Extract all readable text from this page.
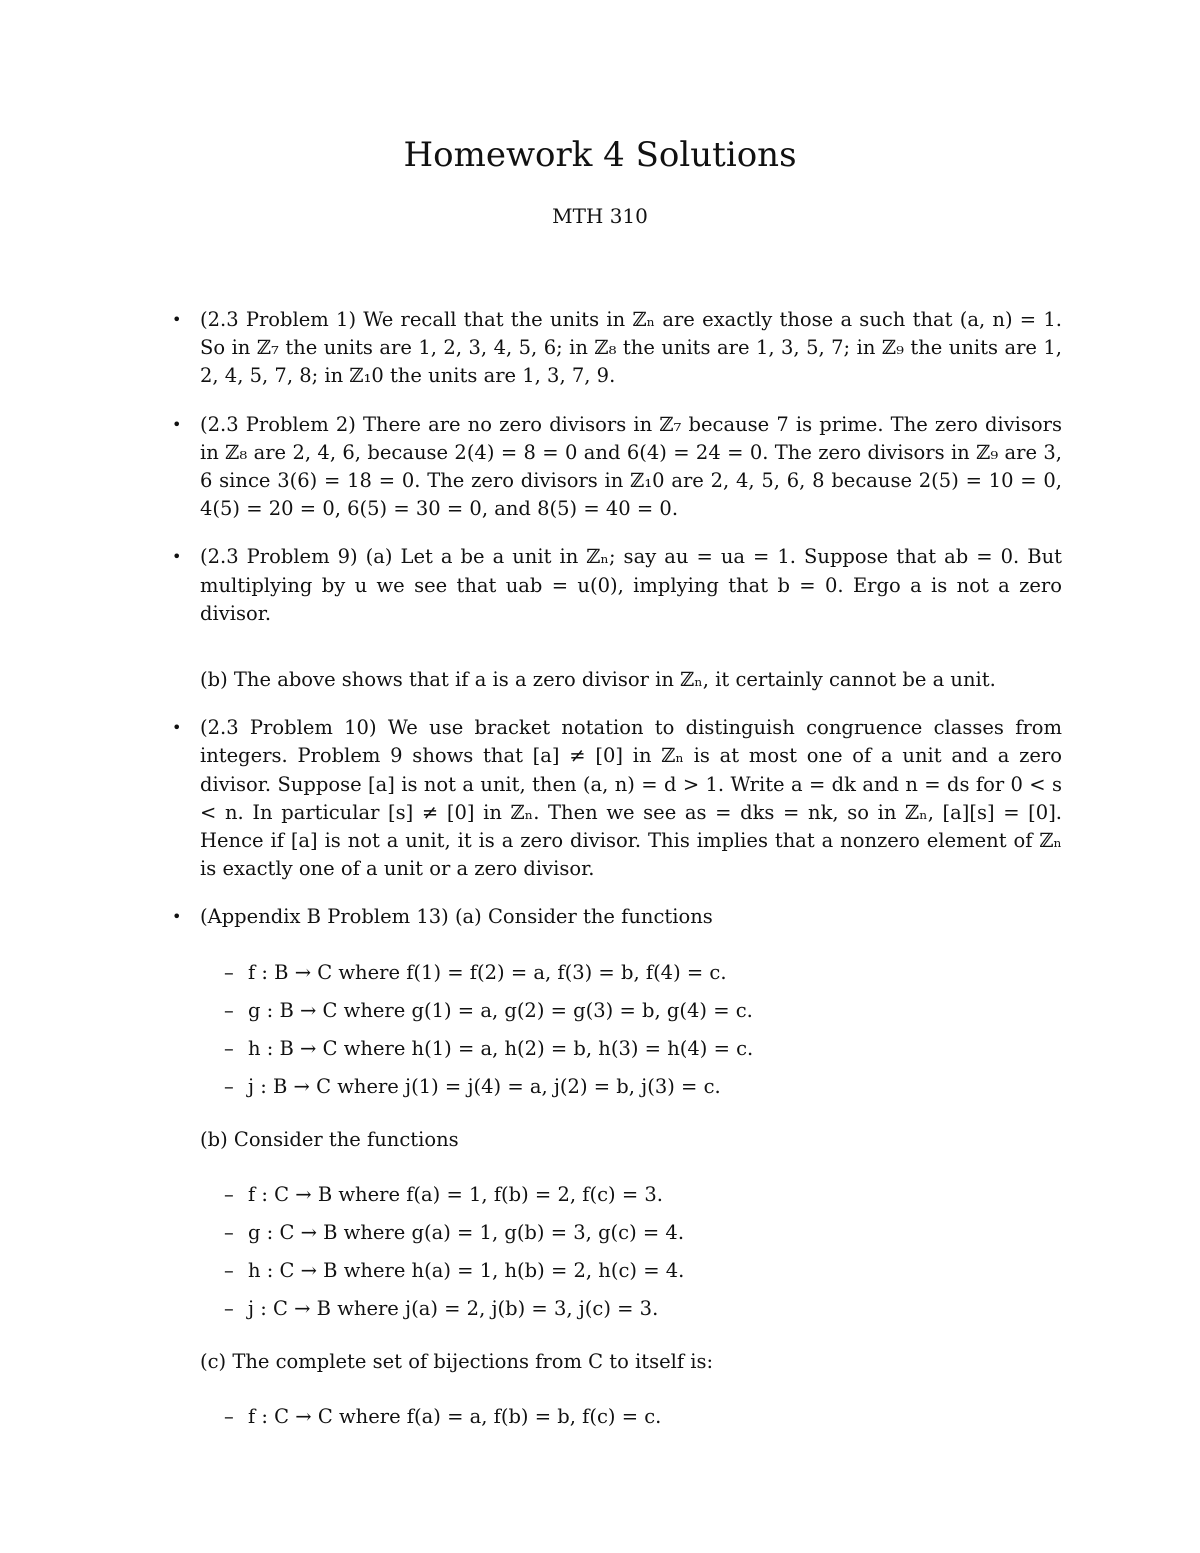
Homework 4 Solutions
MTH 310
• (2.3 Problem 1) We recall that the units in ℤₙ are exactly those a such that (a, n) = 1. So in ℤ₇ the units are 1, 2, 3, 4, 5, 6; in ℤ₈ the units are 1, 3, 5, 7; in ℤ₉ the units are 1, 2, 4, 5, 7, 8; in ℤ₁0 the units are 1, 3, 7, 9.
• (2.3 Problem 2) There are no zero divisors in ℤ₇ because 7 is prime. The zero divisors in ℤ₈ are 2, 4, 6, because 2(4) = 8 = 0 and 6(4) = 24 = 0. The zero divisors in ℤ₉ are 3, 6 since 3(6) = 18 = 0. The zero divisors in ℤ₁0 are 2, 4, 5, 6, 8 because 2(5) = 10 = 0, 4(5) = 20 = 0, 6(5) = 30 = 0, and 8(5) = 40 = 0.
• (2.3 Problem 9) (a) Let a be a unit in ℤₙ; say au = ua = 1. Suppose that ab = 0. But multiplying by u we see that uab = u(0), implying that b = 0. Ergo a is not a zero divisor.
(b) The above shows that if a is a zero divisor in ℤₙ, it certainly cannot be a unit.
• (2.3 Problem 10) We use bracket notation to distinguish congruence classes from integers. Problem 9 shows that [a] ≠ [0] in ℤₙ is at most one of a unit and a zero divisor. Suppose [a] is not a unit, then (a, n) = d > 1. Write a = dk and n = ds for 0 < s < n. In particular [s] ≠ [0] in ℤₙ. Then we see as = dks = nk, so in ℤₙ, [a][s] = [0]. Hence if [a] is not a unit, it is a zero divisor. This implies that a nonzero element of ℤₙ is exactly one of a unit or a zero divisor.
• (Appendix B Problem 13) (a) Consider the functions
– f : B → C where f(1) = f(2) = a, f(3) = b, f(4) = c.
– g : B → C where g(1) = a, g(2) = g(3) = b, g(4) = c.
– h : B → C where h(1) = a, h(2) = b, h(3) = h(4) = c.
– j : B → C where j(1) = j(4) = a, j(2) = b, j(3) = c.
(b) Consider the functions
– f : C → B where f(a) = 1, f(b) = 2, f(c) = 3.
– g : C → B where g(a) = 1, g(b) = 3, g(c) = 4.
– h : C → B where h(a) = 1, h(b) = 2, h(c) = 4.
– j : C → B where j(a) = 2, j(b) = 3, j(c) = 3.
(c) The complete set of bijections from C to itself is:
– f : C → C where f(a) = a, f(b) = b, f(c) = c.
